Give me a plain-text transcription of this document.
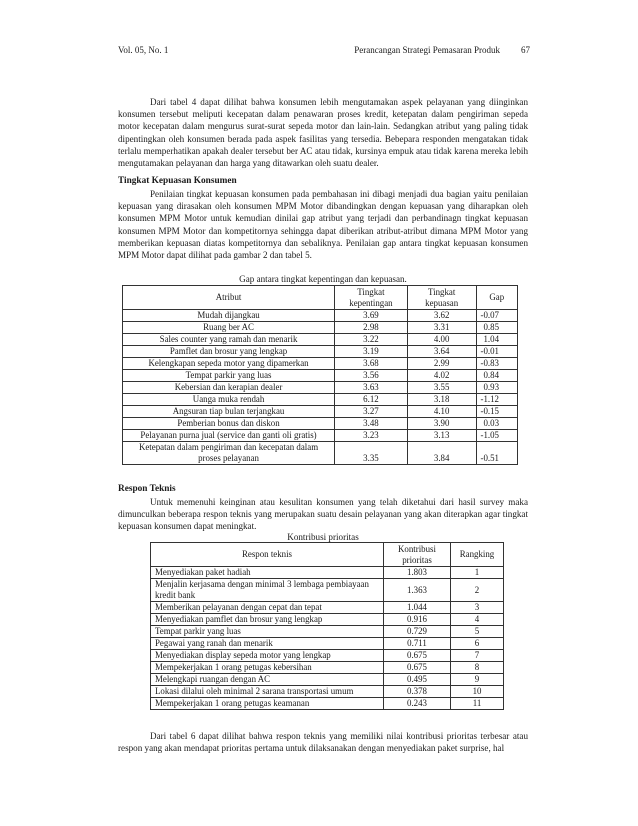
Vol. 05, No. 1	Perancangan Strategi Pemasaran Produk 67

Dari tabel 4 dapat dilihat bahwa konsumen lebih mengutamakan aspek pelayanan yang diinginkan konsumen tersebut meliputi kecepatan dalam penawaran proses kredit, ketepatan dalam pengiriman sepeda motor kecepatan dalam mengurus surat-surat sepeda motor dan lain-lain. Sedangkan atribut yang paling tidak dipentingkan oleh konsumen berada pada aspek fasilitas yang tersedia. Bebepara responden mengatakan tidak terlalu memperhatikan apakah dealer tersebut ber AC atau tidak, kursinya empuk atau tidak karena mereka lebih mengutamakan pelayanan dan harga yang ditawarkan oleh suatu dealer.

Tingkat Kepuasan Konsumen

Penilaian tingkat kepuasan konsumen pada pembahasan ini dibagi menjadi dua bagian yaitu penilaian kepuasan yang dirasakan oleh konsumen MPM Motor dibandingkan dengan kepuasan yang diharapkan oleh konsumen MPM Motor untuk kemudian dinilai gap atribut yang terjadi dan perbandinagn tingkat kepuasan konsumen MPM Motor dan kompetitornya sehingga dapat diberikan atribut-atribut dimana MPM Motor yang memberikan kepuasan diatas kompetitornya dan sebaliknya. Penilaian gap antara tingkat kepuasan konsumen MPM Motor dapat dilihat pada gambar 2 dan tabel 5.

Gap antara tingkat kepentingan dan kepuasan.
Atribut	Tingkat kepentingan	Tingkat kepuasan	Gap
Mudah dijangkau	3.69	3.62	-0.07
Ruang ber AC	2.98	3.31	0.85
Sales counter yang ramah dan menarik	3.22	4.00	1.04
Pamflet dan brosur yang lengkap	3.19	3.64	-0.01
Kelengkapan sepeda motor yang dipamerkan	3.68	2.99	-0.83
Tempat parkir yang luas	3.56	4.02	0.84
Kebersian dan kerapian dealer	3.63	3.55	0.93
Uanga muka rendah	6.12	3.18	-1.12
Angsuran tiap bulan terjangkau	3.27	4.10	-0.15
Pemberian bonus dan diskon	3.48	3.90	0.03
Pelayanan purna jual (service dan ganti oli gratis)	3.23	3.13	-1.05
Ketepatan dalam pengiriman dan kecepatan dalam proses pelayanan	3.35	3.84	-0.51

Respon Teknis

Untuk memenuhi keinginan atau kesulitan konsumen yang telah diketahui dari hasil survey maka dimunculkan beberapa respon teknis yang merupakan suatu desain pelayanan yang akan diterapkan agar tingkat kepuasan konsumen dapat meningkat.

Kontribusi prioritas
Respon teknis	Kontribusi prioritas	Rangking
Menyediakan paket hadiah	1.803	1
Menjalin kerjasama dengan minimal 3 lembaga pembiayaan kredit bank	1.363	2
Memberikan pelayanan dengan cepat dan tepat	1.044	3
Menyediakan pamflet dan brosur yang lengkap	0.916	4
Tempat parkir yang luas	0.729	5
Pegawai yang ranah dan menarik	0.711	6
Menyediakan display sepeda motor yang lengkap	0.675	7
Mempekerjakan 1 orang petugas kebersihan	0.675	8
Melengkapi ruangan dengan AC	0.495	9
Lokasi dilalui oleh minimal 2 sarana transportasi umum	0.378	10
Mempekerjakan 1 orang petugas keamanan	0.243	11

Dari tabel 6 dapat dilihat bahwa respon teknis yang memiliki nilai kontribusi prioritas terbesar atau respon yang akan mendapat prioritas pertama untuk dilaksanakan dengan menyediakan paket surprise, hal
